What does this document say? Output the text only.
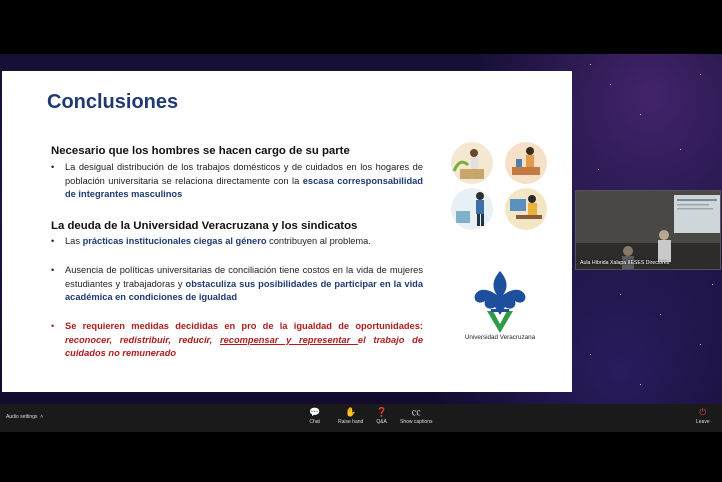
Conclusiones
Necesario que los hombres se hacen cargo de su parte
•	La desigual distribución de los trabajos domésticos y de cuidados en los hogares de población universitaria se relaciona directamente con la escasa corresponsabilidad de integrantes masculinos
La deuda de la Universidad Veracruzana y los sindicatos
•	Las prácticas institucionales ciegas al género contribuyen al problema.
•	Ausencia de políticas universitarias de conciliación tiene costos en la vida de mujeres estudiantes y trabajadoras y obstaculiza sus posibilidades de participar en la vida académica en condiciones de igualdad
•	Se requieren medidas decididas en pro de la igualdad de oportunidades: reconocer, redistribuir, reducir, recompensar y representar el trabajo de cuidados no remunerado
Universidad Veracruzana
Aula Híbrida Xalapa IIESES Directores
Audio settings  ˄	💬
Chat
✋
Raise hand
❓
Q&A
㏄
Show captions
⏻
Leave
